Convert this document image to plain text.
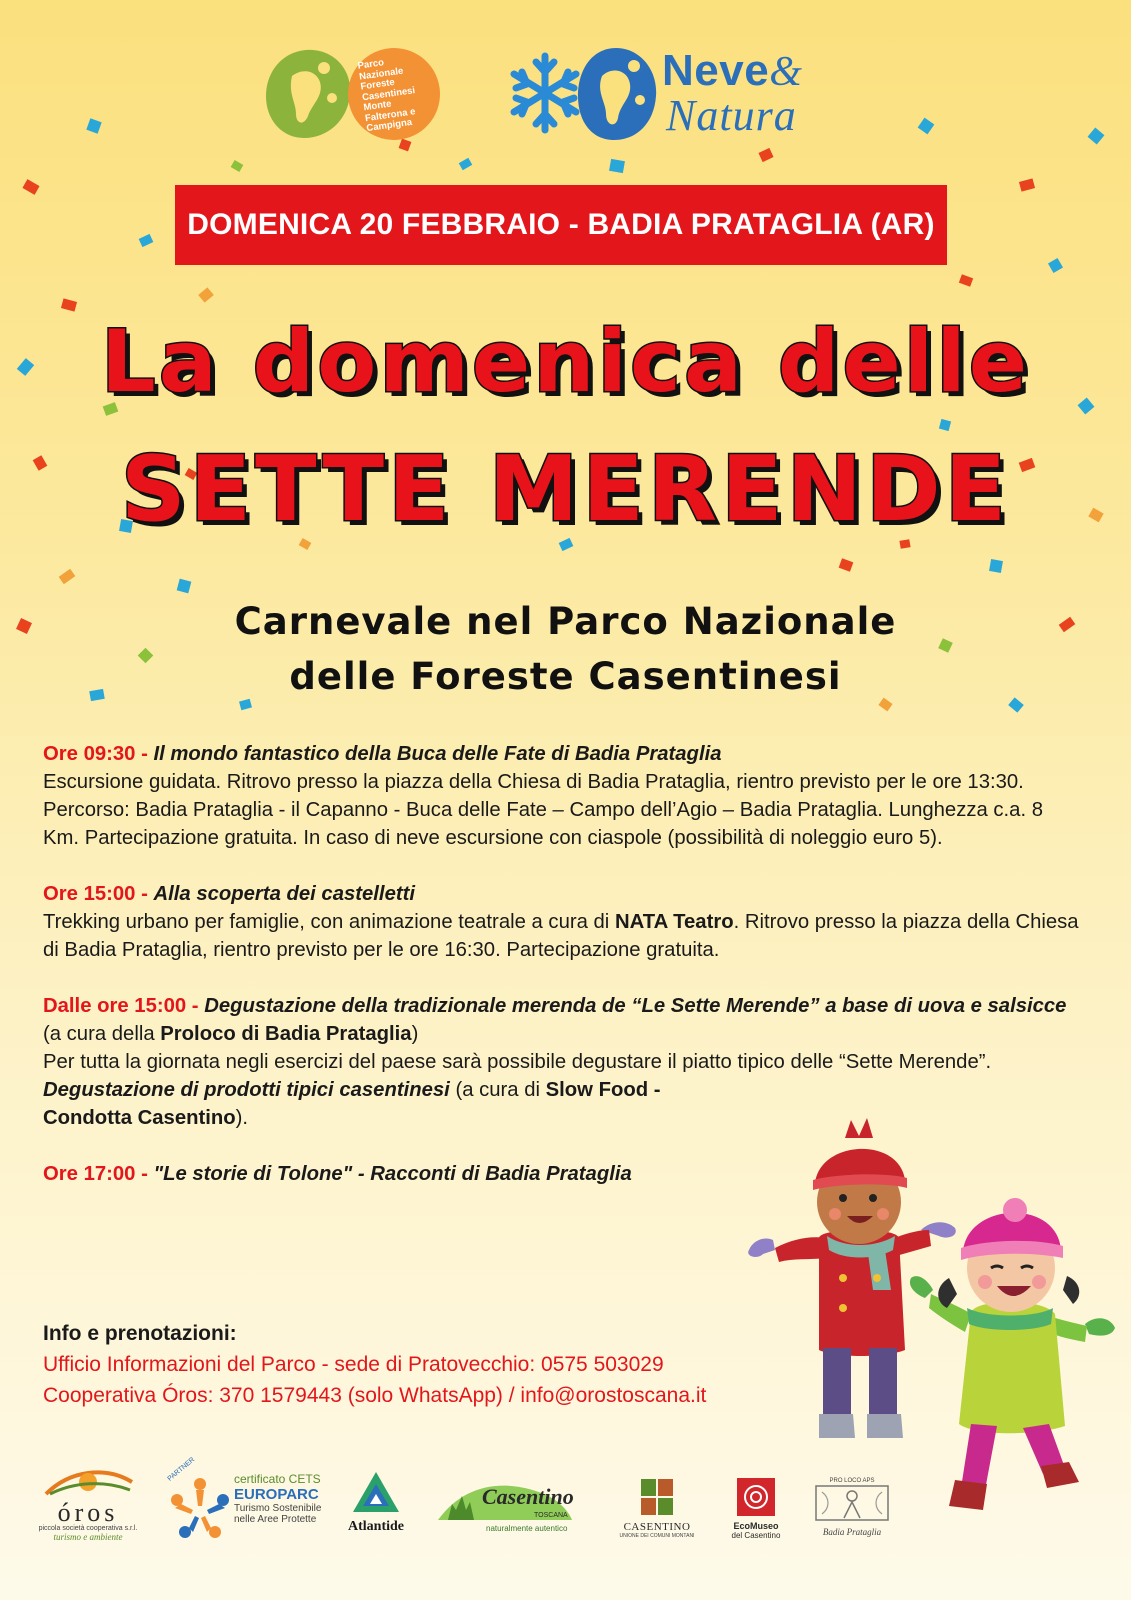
Parco Nazionale Foreste Casentinesi Monte Falterona e Campigna
Neve&
Natura
DOMENICA 20 FEBBRAIO - BADIA PRATAGLIA (AR)
La domenica delle
SETTE MERENDE
Carnevale nel Parco Nazionale
delle Foreste Casentinesi

Ore 09:30 - Il mondo fantastico della Buca delle Fate di Badia Prataglia

Escursione guidata. Ritrovo presso la piazza della Chiesa di Badia Prataglia, rientro previsto per le ore 13:30. Percorso: Badia Prataglia - il Capanno - Buca delle Fate – Campo dell’Agio – Badia Prataglia. Lunghezza c.a. 8 Km. Partecipazione gratuita. In caso di neve escursione con ciaspole (possibilità di noleggio euro 5).

Ore 15:00 - Alla scoperta dei castelletti

Trekking urbano per famiglie, con animazione teatrale a cura di NATA Teatro. Ritrovo presso la piazza della Chiesa di Badia Prataglia, rientro previsto per le ore 16:30. Partecipazione gratuita.

Dalle ore 15:00 - Degustazione della tradizionale merenda de “Le Sette Merende” a base di uova e salsicce (a cura della Proloco di Badia Prataglia)

Per tutta la giornata negli esercizi del paese sarà possibile degustare il piatto tipico delle “Sette Merende”.

Degustazione di prodotti tipici casentinesi (a cura di Slow Food - Condotta Casentino).

Ore 17:00 - "Le storie di Tolone" - Racconti di Badia Prataglia

Info e prenotazioni:
Ufficio Informazioni del Parco - sede di Pratovecchio: 0575 503029
Cooperativa Óros: 370 1579443 (solo WhatsApp) / info@orostoscana.it
óros
piccola società cooperativa s.r.l.
turismo e ambiente
PARTNER	certificato CETS
EUROPARC
Turismo Sostenibile
nelle Aree Protette	Atlantide
Casentino
TOSCANA
naturalmente autentico	CASENTINO
UNIONE DEI COMUNI MONTANI
EcoMuseo
del Casentino
PRO LOCO APS
Badia Prataglia
